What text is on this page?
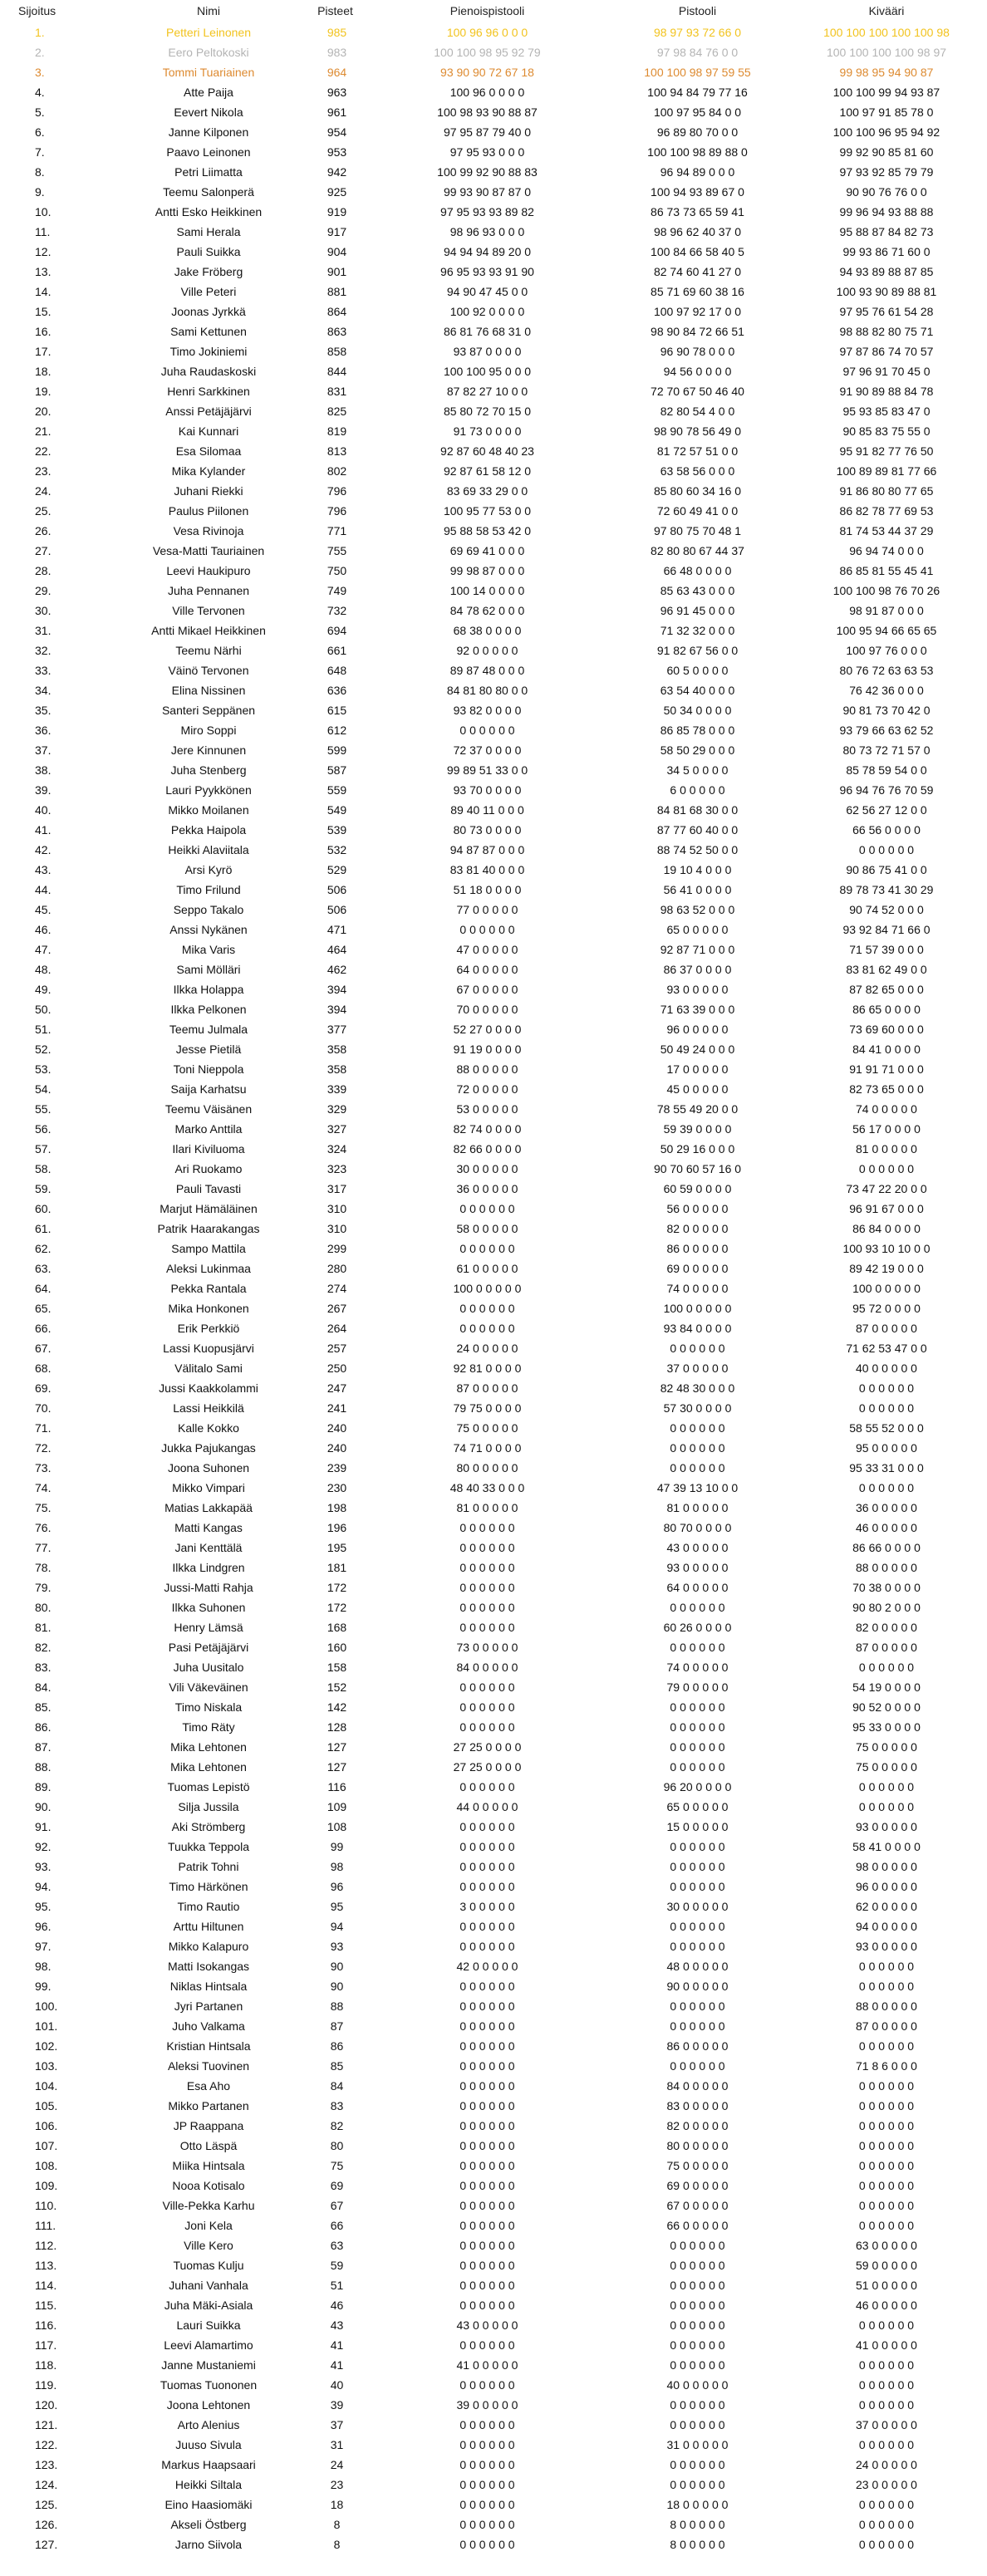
Sijoitus	Nimi	Pisteet	Pienoispistooli	Pistooli	Kivääri
1.	Petteri Leinonen	985	100 96 96 0 0 0	98 97 93 72 66 0	100 100 100 100 100 98
2.	Eero Peltokoski	983	100 100 98 95 92 79	97 98 84 76 0 0	100 100 100 100 98 97
3.	Tommi Tuariainen	964	93 90 90 72 67 18	100 100 98 97 59 55	99 98 95 94 90 87
4.	Atte Paija	963	100 96 0 0 0 0	100 94 84 79 77 16	100 100 99 94 93 87
5.	Eevert Nikola	961	100 98 93 90 88 87	100 97 95 84 0 0	100 97 91 85 78 0
6.	Janne Kilponen	954	97 95 87 79 40 0	96 89 80 70 0 0	100 100 96 95 94 92
7.	Paavo Leinonen	953	97 95 93 0 0 0	100 100 98 89 88 0	99 92 90 85 81 60
8.	Petri Liimatta	942	100 99 92 90 88 83	96 94 89 0 0 0	97 93 92 85 79 79
9.	Teemu Salonperä	925	99 93 90 87 87 0	100 94 93 89 67 0	90 90 76 76 0 0
10.	Antti Esko Heikkinen	919	97 95 93 93 89 82	86 73 73 65 59 41	99 96 94 93 88 88
11.	Sami Herala	917	98 96 93 0 0 0	98 96 62 40 37 0	95 88 87 84 82 73
12.	Pauli Suikka	904	94 94 94 89 20 0	100 84 66 58 40 5	99 93 86 71 60 0
13.	Jake Fröberg	901	96 95 93 93 91 90	82 74 60 41 27 0	94 93 89 88 87 85
14.	Ville Peteri	881	94 90 47 45 0 0	85 71 69 60 38 16	100 93 90 89 88 81
15.	Joonas Jyrkkä	864	100 92 0 0 0 0	100 97 92 17 0 0	97 95 76 61 54 28
16.	Sami Kettunen	863	86 81 76 68 31 0	98 90 84 72 66 51	98 88 82 80 75 71
17.	Timo Jokiniemi	858	93 87 0 0 0 0	96 90 78 0 0 0	97 87 86 74 70 57
18.	Juha Raudaskoski	844	100 100 95 0 0 0	94 56 0 0 0 0	97 96 91 70 45 0
19.	Henri Sarkkinen	831	87 82 27 10 0 0	72 70 67 50 46 40	91 90 89 88 84 78
20.	Anssi Petäjäjärvi	825	85 80 72 70 15 0	82 80 54 4 0 0	95 93 85 83 47 0
21.	Kai Kunnari	819	91 73 0 0 0 0	98 90 78 56 49 0	90 85 83 75 55 0
22.	Esa Silomaa	813	92 87 60 48 40 23	81 72 57 51 0 0	95 91 82 77 76 50
23.	Mika Kylander	802	92 87 61 58 12 0	63 58 56 0 0 0	100 89 89 81 77 66
24.	Juhani Riekki	796	83 69 33 29 0 0	85 80 60 34 16 0	91 86 80 80 77 65
25.	Paulus Piilonen	796	100 95 77 53 0 0	72 60 49 41 0 0	86 82 78 77 69 53
26.	Vesa Rivinoja	771	95 88 58 53 42 0	97 80 75 70 48 1	81 74 53 44 37 29
27.	Vesa-Matti Tauriainen	755	69 69 41 0 0 0	82 80 80 67 44 37	96 94 74 0 0 0
28.	Leevi Haukipuro	750	99 98 87 0 0 0	66 48 0 0 0 0	86 85 81 55 45 41
29.	Juha Pennanen	749	100 14 0 0 0 0	85 63 43 0 0 0	100 100 98 76 70 26
30.	Ville Tervonen	732	84 78 62 0 0 0	96 91 45 0 0 0	98 91 87 0 0 0
31.	Antti Mikael Heikkinen	694	68 38 0 0 0 0	71 32 32 0 0 0	100 95 94 66 65 65
32.	Teemu Närhi	661	92 0 0 0 0 0	91 82 67 56 0 0	100 97 76 0 0 0
33.	Väinö Tervonen	648	89 87 48 0 0 0	60 5 0 0 0 0	80 76 72 63 63 53
34.	Elina Nissinen	636	84 81 80 80 0 0	63 54 40 0 0 0	76 42 36 0 0 0
35.	Santeri Seppänen	615	93 82 0 0 0 0	50 34 0 0 0 0	90 81 73 70 42 0
36.	Miro Soppi	612	0 0 0 0 0 0	86 85 78 0 0 0	93 79 66 63 62 52
37.	Jere Kinnunen	599	72 37 0 0 0 0	58 50 29 0 0 0	80 73 72 71 57 0
38.	Juha Stenberg	587	99 89 51 33 0 0	34 5 0 0 0 0	85 78 59 54 0 0
39.	Lauri Pyykkönen	559	93 70 0 0 0 0	6 0 0 0 0 0	96 94 76 76 70 59
40.	Mikko Moilanen	549	89 40 11 0 0 0	84 81 68 30 0 0	62 56 27 12 0 0
41.	Pekka Haipola	539	80 73 0 0 0 0	87 77 60 40 0 0	66 56 0 0 0 0
42.	Heikki Alaviitala	532	94 87 87 0 0 0	88 74 52 50 0 0	0 0 0 0 0 0
43.	Arsi Kyrö	529	83 81 40 0 0 0	19 10 4 0 0 0	90 86 75 41 0 0
44.	Timo Frilund	506	51 18 0 0 0 0	56 41 0 0 0 0	89 78 73 41 30 29
45.	Seppo Takalo	506	77 0 0 0 0 0	98 63 52 0 0 0	90 74 52 0 0 0
46.	Anssi Nykänen	471	0 0 0 0 0 0	65 0 0 0 0 0	93 92 84 71 66 0
47.	Mika Varis	464	47 0 0 0 0 0	92 87 71 0 0 0	71 57 39 0 0 0
48.	Sami Mölläri	462	64 0 0 0 0 0	86 37 0 0 0 0	83 81 62 49 0 0
49.	Ilkka Holappa	394	67 0 0 0 0 0	93 0 0 0 0 0	87 82 65 0 0 0
50.	Ilkka Pelkonen	394	70 0 0 0 0 0	71 63 39 0 0 0	86 65 0 0 0 0
51.	Teemu Julmala	377	52 27 0 0 0 0	96 0 0 0 0 0	73 69 60 0 0 0
52.	Jesse Pietilä	358	91 19 0 0 0 0	50 49 24 0 0 0	84 41 0 0 0 0
53.	Toni Nieppola	358	88 0 0 0 0 0	17 0 0 0 0 0	91 91 71 0 0 0
54.	Saija Karhatsu	339	72 0 0 0 0 0	45 0 0 0 0 0	82 73 65 0 0 0
55.	Teemu Väisänen	329	53 0 0 0 0 0	78 55 49 20 0 0	74 0 0 0 0 0
56.	Marko Anttila	327	82 74 0 0 0 0	59 39 0 0 0 0	56 17 0 0 0 0
57.	Ilari Kiviluoma	324	82 66 0 0 0 0	50 29 16 0 0 0	81 0 0 0 0 0
58.	Ari Ruokamo	323	30 0 0 0 0 0	90 70 60 57 16 0	0 0 0 0 0 0
59.	Pauli Tavasti	317	36 0 0 0 0 0	60 59 0 0 0 0	73 47 22 20 0 0
60.	Marjut Hämäläinen	310	0 0 0 0 0 0	56 0 0 0 0 0	96 91 67 0 0 0
61.	Patrik Haarakangas	310	58 0 0 0 0 0	82 0 0 0 0 0	86 84 0 0 0 0
62.	Sampo Mattila	299	0 0 0 0 0 0	86 0 0 0 0 0	100 93 10 10 0 0
63.	Aleksi Lukinmaa	280	61 0 0 0 0 0	69 0 0 0 0 0	89 42 19 0 0 0
64.	Pekka Rantala	274	100 0 0 0 0 0	74 0 0 0 0 0	100 0 0 0 0 0
65.	Mika Honkonen	267	0 0 0 0 0 0	100 0 0 0 0 0	95 72 0 0 0 0
66.	Erik Perkkiö	264	0 0 0 0 0 0	93 84 0 0 0 0	87 0 0 0 0 0
67.	Lassi Kuopusjärvi	257	24 0 0 0 0 0	0 0 0 0 0 0	71 62 53 47 0 0
68.	Välitalo Sami	250	92 81 0 0 0 0	37 0 0 0 0 0	40 0 0 0 0 0
69.	Jussi Kaakkolammi	247	87 0 0 0 0 0	82 48 30 0 0 0	0 0 0 0 0 0
70.	Lassi Heikkilä	241	79 75 0 0 0 0	57 30 0 0 0 0	0 0 0 0 0 0
71.	Kalle Kokko	240	75 0 0 0 0 0	0 0 0 0 0 0	58 55 52 0 0 0
72.	Jukka Pajukangas	240	74 71 0 0 0 0	0 0 0 0 0 0	95 0 0 0 0 0
73.	Joona Suhonen	239	80 0 0 0 0 0	0 0 0 0 0 0	95 33 31 0 0 0
74.	Mikko Vimpari	230	48 40 33 0 0 0	47 39 13 10 0 0	0 0 0 0 0 0
75.	Matias Lakkapää	198	81 0 0 0 0 0	81 0 0 0 0 0	36 0 0 0 0 0
76.	Matti Kangas	196	0 0 0 0 0 0	80 70 0 0 0 0	46 0 0 0 0 0
77.	Jani Kenttälä	195	0 0 0 0 0 0	43 0 0 0 0 0	86 66 0 0 0 0
78.	Ilkka Lindgren	181	0 0 0 0 0 0	93 0 0 0 0 0	88 0 0 0 0 0
79.	Jussi-Matti Rahja	172	0 0 0 0 0 0	64 0 0 0 0 0	70 38 0 0 0 0
80.	Ilkka Suhonen	172	0 0 0 0 0 0	0 0 0 0 0 0	90 80 2 0 0 0
81.	Henry Lämsä	168	0 0 0 0 0 0	60 26 0 0 0 0	82 0 0 0 0 0
82.	Pasi Petäjäjärvi	160	73 0 0 0 0 0	0 0 0 0 0 0	87 0 0 0 0 0
83.	Juha Uusitalo	158	84 0 0 0 0 0	74 0 0 0 0 0	0 0 0 0 0 0
84.	Vili Väkeväinen	152	0 0 0 0 0 0	79 0 0 0 0 0	54 19 0 0 0 0
85.	Timo Niskala	142	0 0 0 0 0 0	0 0 0 0 0 0	90 52 0 0 0 0
86.	Timo Räty	128	0 0 0 0 0 0	0 0 0 0 0 0	95 33 0 0 0 0
87.	Mika Lehtonen	127	27 25 0 0 0 0	0 0 0 0 0 0	75 0 0 0 0 0
88.	Mika Lehtonen	127	27 25 0 0 0 0	0 0 0 0 0 0	75 0 0 0 0 0
89.	Tuomas Lepistö	116	0 0 0 0 0 0	96 20 0 0 0 0	0 0 0 0 0 0
90.	Silja Jussila	109	44 0 0 0 0 0	65 0 0 0 0 0	0 0 0 0 0 0
91.	Aki Strömberg	108	0 0 0 0 0 0	15 0 0 0 0 0	93 0 0 0 0 0
92.	Tuukka Teppola	99	0 0 0 0 0 0	0 0 0 0 0 0	58 41 0 0 0 0
93.	Patrik Tohni	98	0 0 0 0 0 0	0 0 0 0 0 0	98 0 0 0 0 0
94.	Timo Härkönen	96	0 0 0 0 0 0	0 0 0 0 0 0	96 0 0 0 0 0
95.	Timo Rautio	95	3 0 0 0 0 0	30 0 0 0 0 0	62 0 0 0 0 0
96.	Arttu Hiltunen	94	0 0 0 0 0 0	0 0 0 0 0 0	94 0 0 0 0 0
97.	Mikko Kalapuro	93	0 0 0 0 0 0	0 0 0 0 0 0	93 0 0 0 0 0
98.	Matti Isokangas	90	42 0 0 0 0 0	48 0 0 0 0 0	0 0 0 0 0 0
99.	Niklas Hintsala	90	0 0 0 0 0 0	90 0 0 0 0 0	0 0 0 0 0 0
100.	Jyri Partanen	88	0 0 0 0 0 0	0 0 0 0 0 0	88 0 0 0 0 0
101.	Juho Valkama	87	0 0 0 0 0 0	0 0 0 0 0 0	87 0 0 0 0 0
102.	Kristian Hintsala	86	0 0 0 0 0 0	86 0 0 0 0 0	0 0 0 0 0 0
103.	Aleksi Tuovinen	85	0 0 0 0 0 0	0 0 0 0 0 0	71 8 6 0 0 0
104.	Esa Aho	84	0 0 0 0 0 0	84 0 0 0 0 0	0 0 0 0 0 0
105.	Mikko Partanen	83	0 0 0 0 0 0	83 0 0 0 0 0	0 0 0 0 0 0
106.	JP Raappana	82	0 0 0 0 0 0	82 0 0 0 0 0	0 0 0 0 0 0
107.	Otto Läspä	80	0 0 0 0 0 0	80 0 0 0 0 0	0 0 0 0 0 0
108.	Miika Hintsala	75	0 0 0 0 0 0	75 0 0 0 0 0	0 0 0 0 0 0
109.	Nooa Kotisalo	69	0 0 0 0 0 0	69 0 0 0 0 0	0 0 0 0 0 0
110.	Ville-Pekka Karhu	67	0 0 0 0 0 0	67 0 0 0 0 0	0 0 0 0 0 0
111.	Joni Kela	66	0 0 0 0 0 0	66 0 0 0 0 0	0 0 0 0 0 0
112.	Ville Kero	63	0 0 0 0 0 0	0 0 0 0 0 0	63 0 0 0 0 0
113.	Tuomas Kulju	59	0 0 0 0 0 0	0 0 0 0 0 0	59 0 0 0 0 0
114.	Juhani Vanhala	51	0 0 0 0 0 0	0 0 0 0 0 0	51 0 0 0 0 0
115.	Juha Mäki-Asiala	46	0 0 0 0 0 0	0 0 0 0 0 0	46 0 0 0 0 0
116.	Lauri Suikka	43	43 0 0 0 0 0	0 0 0 0 0 0	0 0 0 0 0 0
117.	Leevi Alamartimo	41	0 0 0 0 0 0	0 0 0 0 0 0	41 0 0 0 0 0
118.	Janne Mustaniemi	41	41 0 0 0 0 0	0 0 0 0 0 0	0 0 0 0 0 0
119.	Tuomas Tuononen	40	0 0 0 0 0 0	40 0 0 0 0 0	0 0 0 0 0 0
120.	Joona Lehtonen	39	39 0 0 0 0 0	0 0 0 0 0 0	0 0 0 0 0 0
121.	Arto Alenius	37	0 0 0 0 0 0	0 0 0 0 0 0	37 0 0 0 0 0
122.	Juuso Sivula	31	0 0 0 0 0 0	31 0 0 0 0 0	0 0 0 0 0 0
123.	Markus Haapsaari	24	0 0 0 0 0 0	0 0 0 0 0 0	24 0 0 0 0 0
124.	Heikki Siltala	23	0 0 0 0 0 0	0 0 0 0 0 0	23 0 0 0 0 0
125.	Eino Haasiomäki	18	0 0 0 0 0 0	18 0 0 0 0 0	0 0 0 0 0 0
126.	Akseli Östberg	8	0 0 0 0 0 0	8 0 0 0 0 0	0 0 0 0 0 0
127.	Jarno Siivola	8	0 0 0 0 0 0	8 0 0 0 0 0	0 0 0 0 0 0
